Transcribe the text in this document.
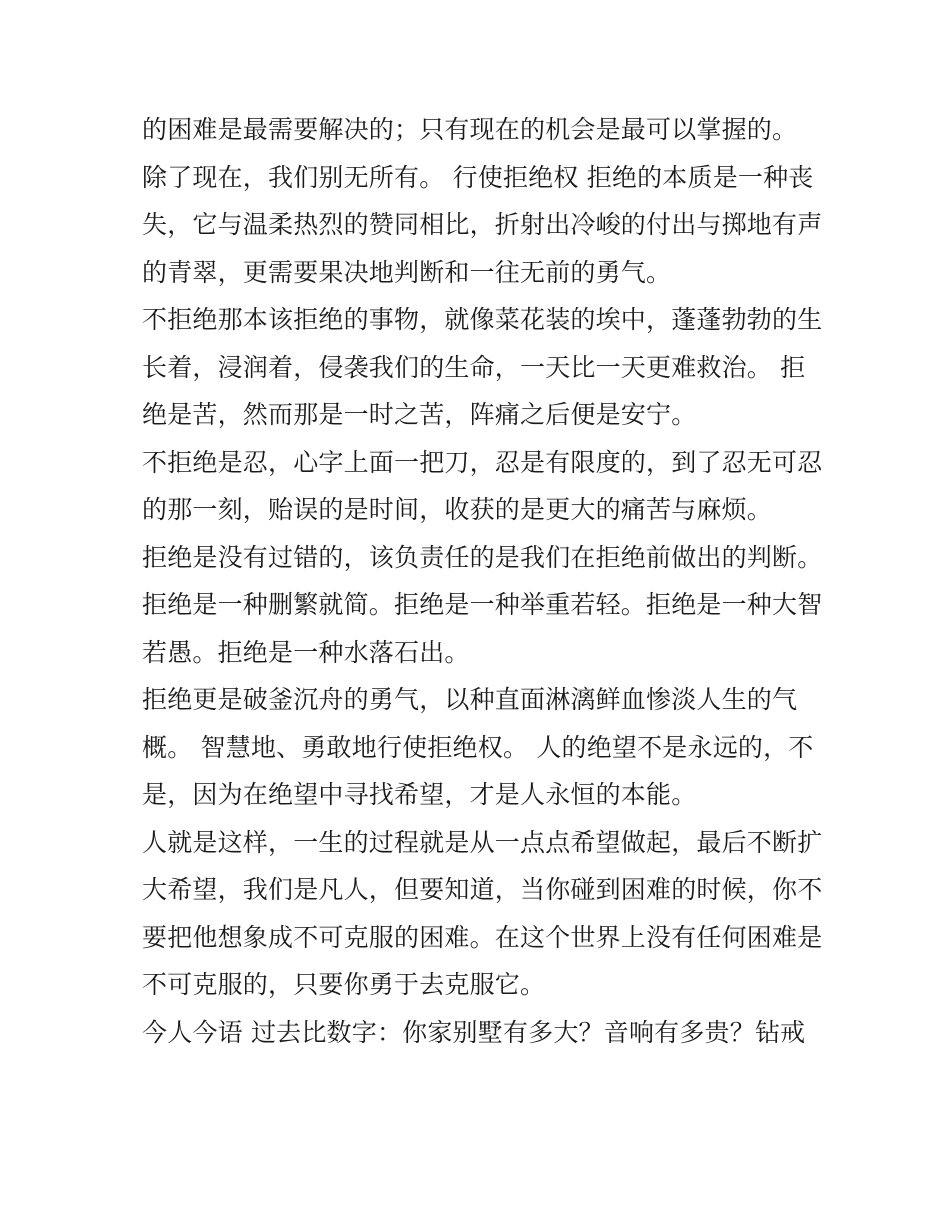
的困难是最需要解决的；只有现在的机会是最可以掌握的。
除了现在，我们别无所有。 行使拒绝权 拒绝的本质是一种丧
失，它与温柔热烈的赞同相比，折射出冷峻的付出与掷地有声
的青翠，更需要果决地判断和一往无前的勇气。
不拒绝那本该拒绝的事物，就像菜花装的埃中，蓬蓬勃勃的生
长着，浸润着，侵袭我们的生命，一天比一天更难救治。 拒
绝是苦，然而那是一时之苦，阵痛之后便是安宁。
不拒绝是忍，心字上面一把刀，忍是有限度的，到了忍无可忍
的那一刻，贻误的是时间，收获的是更大的痛苦与麻烦。
拒绝是没有过错的，该负责任的是我们在拒绝前做出的判断。
拒绝是一种删繁就简。拒绝是一种举重若轻。拒绝是一种大智
若愚。拒绝是一种水落石出。
拒绝更是破釜沉舟的勇气，以种直面淋漓鲜血惨淡人生的气
概。 智慧地、勇敢地行使拒绝权。 人的绝望不是永远的，不
是，因为在绝望中寻找希望，才是人永恒的本能。
人就是这样，一生的过程就是从一点点希望做起，最后不断扩
大希望，我们是凡人，但要知道，当你碰到困难的时候，你不
要把他想象成不可克服的困难。在这个世界上没有任何困难是
不可克服的，只要你勇于去克服它。
今人今语 过去比数字：你家别墅有多大？音响有多贵？钻戒
